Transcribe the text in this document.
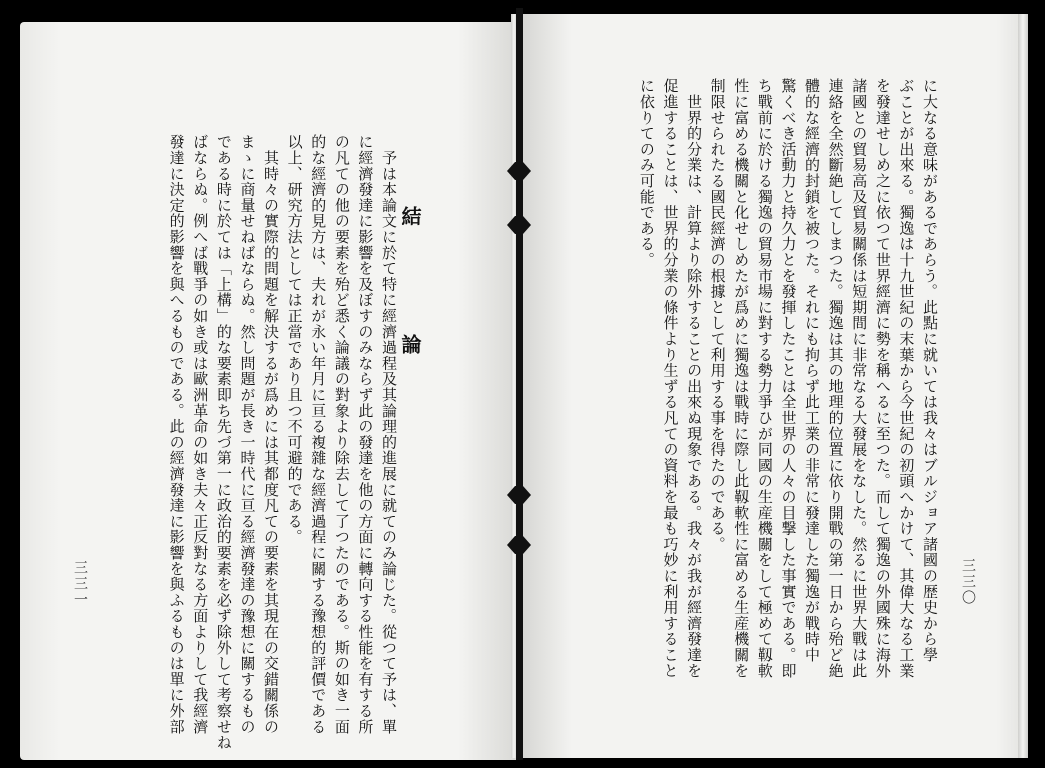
三三〇
に大なる意味があるであらう。此點に就いては我々はブルジョア諸國の歴史から學
ぶことが出來る。獨逸は十九世紀の末葉から今世紀の初頭へかけて、其偉大なる工業
を發達せしめ之に依つて世界經濟に勢を稱へるに至つた。而して獨逸の外國殊に海外
諸國との貿易高及貿易關係は短期間に非常なる大發展をなした。然るに世界大戰は此
連絡を全然斷絶してしまつた。獨逸は其の地理的位置に依り開戰の第一日から殆ど絶
體的な經濟的封鎖を被つた。それにも拘らず此工業の非常に發達した獨逸が戰時中
驚くべき活動力と持久力とを發揮したことは全世界の人々の目撃した事實である。即
ち戰前に於ける獨逸の貿易市場に對する勢力爭ひが同國の生産機關をして極めて靱軟
性に富める機關と化せしめたが爲めに獨逸は戰時に際し此靱軟性に富める生産機關を
制限せられたる國民經濟の根據として利用する事を得たのである。
　世界的分業は、計算より除外することの出來ぬ現象である。我々が我が經濟發達を
促進することは、世界的分業の條件より生ずる凡ての資料を最も巧妙に利用すること
に依りてのみ可能である。
三三一
結　論
　予は本論文に於て特に經濟過程及其論理的進展に就てのみ論じた。從つて予は、單
に經濟發達に影響を及ぼすのみならず此の發達を他の方面に轉向する性能を有する所
の凡ての他の要素を殆ど悉く論議の對象より除去して了つたのである。斯の如き一面
的な經濟的見方は、夫れが永い年月に亘る複雜な經濟過程に關する豫想的評價である
以上、研究方法としては正當であり且つ不可避的である。
　其時々の實際的問題を解決するが爲めには其都度凡ての要素を其現在の交錯關係の
まゝに商量せねばならぬ。然し問題が長き一時代に亘る經濟發達の豫想に關するもの
である時に於ては「上構」的な要素即ち先づ第一に政治的要素を必ず除外して考察せね
ばならぬ。例へば戰爭の如き或は歐洲革命の如き夫々正反對なる方面よりして我經濟
發達に決定的影響を與へるものである。此の經濟發達に影響を與ふるものは單に外部
